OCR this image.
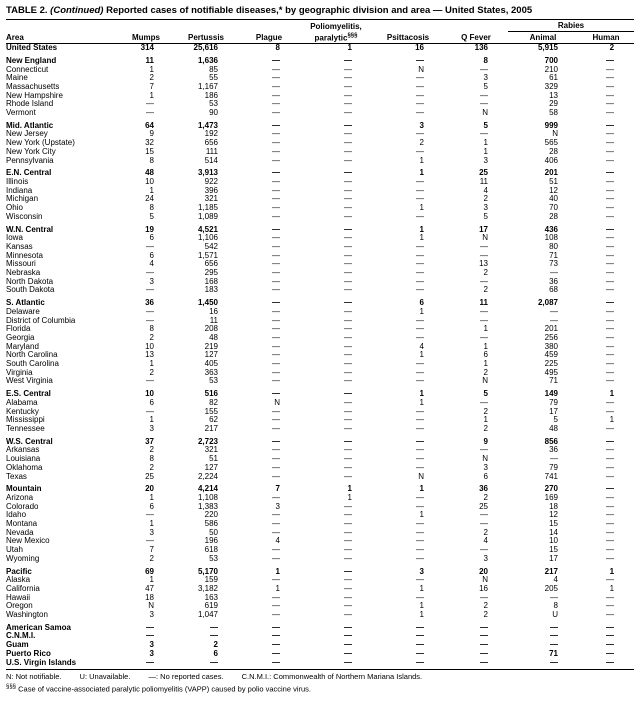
TABLE 2. (Continued) Reported cases of notifiable diseases,* by geographic division and area — United States, 2005
				Poliomyelitis,			Rabies	
Area	Mumps	Pertussis	Plague	paralytic§§§	Psittacosis	Q Fever	Animal	Human
United States	314	25,616	8	1	16	136	5,915	2

New England	11	1,636	—	—	—	8	700	—
Connecticut	1	85	—	—	N	—	210	—
Maine	2	55	—	—	—	3	61	—
Massachusetts	7	1,167	—	—	—	5	329	—
New Hampshire	1	186	—	—	—	—	13	—
Rhode Island	—	53	—	—	—	—	29	—
Vermont	—	90	—	—	—	N	58	—

Mid. Atlantic	64	1,473	—	—	3	5	999	—
New Jersey	9	192	—	—	—	—	N	—
New York (Upstate)	32	656	—	—	2	1	565	—
New York City	15	111	—	—	—	1	28	—
Pennsylvania	8	514	—	—	1	3	406	—

E.N. Central	48	3,913	—	—	1	25	201	—
Illinois	10	922	—	—	—	11	51	—
Indiana	1	396	—	—	—	4	12	—
Michigan	24	321	—	—	—	2	40	—
Ohio	8	1,185	—	—	1	3	70	—
Wisconsin	5	1,089	—	—	—	5	28	—

W.N. Central	19	4,521	—	—	1	17	436	—
Iowa	6	1,106	—	—	1	N	108	—
Kansas	—	542	—	—	—	—	80	—
Minnesota	6	1,571	—	—	—	—	71	—
Missouri	4	656	—	—	—	13	73	—
Nebraska	—	295	—	—	—	2	—	—
North Dakota	3	168	—	—	—	—	36	—
South Dakota	—	183	—	—	—	2	68	—

S. Atlantic	36	1,450	—	—	6	11	2,087	—
Delaware	—	16	—	—	1	—	—	—
District of Columbia	—	11	—	—	—	—	—	—
Florida	8	208	—	—	—	1	201	—
Georgia	2	48	—	—	—	—	256	—
Maryland	10	219	—	—	4	1	380	—
North Carolina	13	127	—	—	1	6	459	—
South Carolina	1	405	—	—	—	1	225	—
Virginia	2	363	—	—	—	2	495	—
West Virginia	—	53	—	—	—	N	71	—

E.S. Central	10	516	—	—	1	5	149	1
Alabama	6	82	N	—	1	—	79	—
Kentucky	—	155	—	—	—	2	17	—
Mississippi	1	62	—	—	—	1	5	1
Tennessee	3	217	—	—	—	2	48	—

W.S. Central	37	2,723	—	—	—	9	856	—
Arkansas	2	321	—	—	—	—	36	—
Louisiana	8	51	—	—	—	N	—	—
Oklahoma	2	127	—	—	—	3	79	—
Texas	25	2,224	—	—	N	6	741	—

Mountain	20	4,214	7	1	1	36	270	—
Arizona	1	1,108	—	1	—	2	169	—
Colorado	6	1,383	3	—	—	25	18	—
Idaho	—	220	—	—	1	—	12	—
Montana	1	586	—	—	—	—	15	—
Nevada	3	50	—	—	—	2	14	—
New Mexico	—	196	4	—	—	4	10	—
Utah	7	618	—	—	—	—	15	—
Wyoming	2	53	—	—	—	3	17	—

Pacific	69	5,170	1	—	3	20	217	1
Alaska	1	159	—	—	—	N	4	—
California	47	3,182	1	—	1	16	205	1
Hawaii	18	163	—	—	—	—	—	—
Oregon	N	619	—	—	1	2	8	—
Washington	3	1,047	—	—	1	2	U	—

American Samoa	—	—	—	—	—	—	—	—
C.N.M.I.	—	—	—	—	—	—	—	—
Guam	3	2	—	—	—	—	—	—
Puerto Rico	3	6	—	—	—	—	71	—
U.S. Virgin Islands	—	—	—	—	—	—	—	—
N: Not notifiable. U: Unavailable. —: No reported cases. C.N.M.I.: Commonwealth of Northern Mariana Islands.
§§§ Case of vaccine-associated paralytic poliomyelitis (VAPP) caused by polio vaccine virus.
